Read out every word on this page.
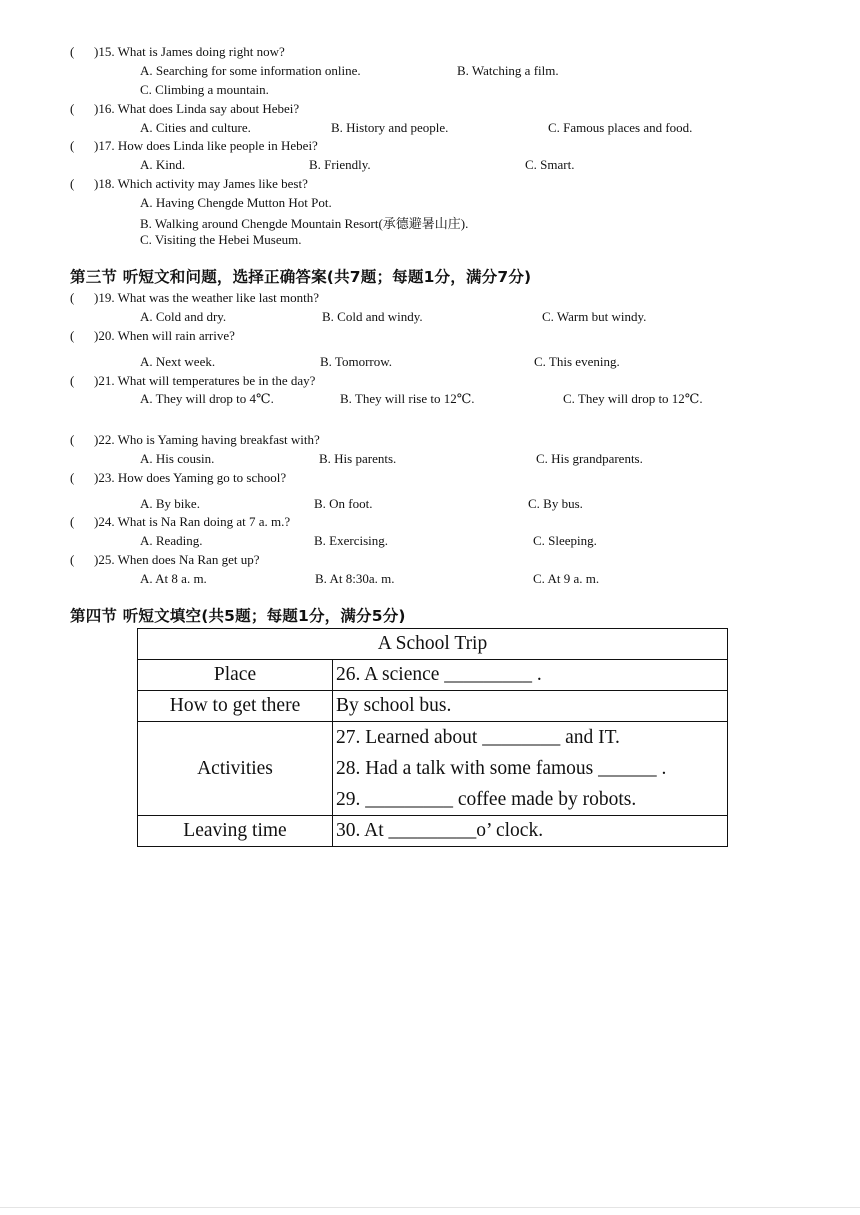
( )15. What is James doing right now?
A. Searching for some information online.	B. Watching a film.
C. Climbing a mountain.
( )16. What does Linda say about Hebei?
A. Cities and culture.	B. History and people.	C. Famous places and food.
( )17. How does Linda like people in Hebei?
A. Kind.	B. Friendly.	C. Smart.
( )18. Which activity may James like best?
A. Having Chengde Mutton Hot Pot.
B. Walking around Chengde Mountain Resort(承德避暑山庄).
C. Visiting the Hebei Museum.
第三节 听短文和问题，选择正确答案(共7题；每题1分，满分7分)
( )19. What was the weather like last month?
A. Cold and dry.	B. Cold and windy.	C. Warm but windy.
( )20. When will rain arrive?
A. Next week.	B. Tomorrow.	C. This evening.
( )21. What will temperatures be in the day?
A. They will drop to 4℃.	B. They will rise to 12℃.	C. They will drop to 12℃.
( )22. Who is Yaming having breakfast with?
A. His cousin.	B. His parents.	C. His grandparents.
( )23. How does Yaming go to school?
A. By bike.	B. On foot.	C. By bus.
( )24. What is Na Ran doing at 7 a. m.?
A. Reading.	B. Exercising.	C. Sleeping.
( )25. When does Na Ran get up?
A. At 8 a. m.	B. At 8:30a. m.	C. At 9 a. m.
第四节 听短文填空(共5题；每题1分，满分5分)
A School Trip	
Place	26. A science _________ .
How to get there	By school bus.
Activities	27. Learned about ________ and IT.
28. Had a talk with some famous ______ .
29. _________ coffee made by robots.

Leaving time	30. At _________o’ clock.
